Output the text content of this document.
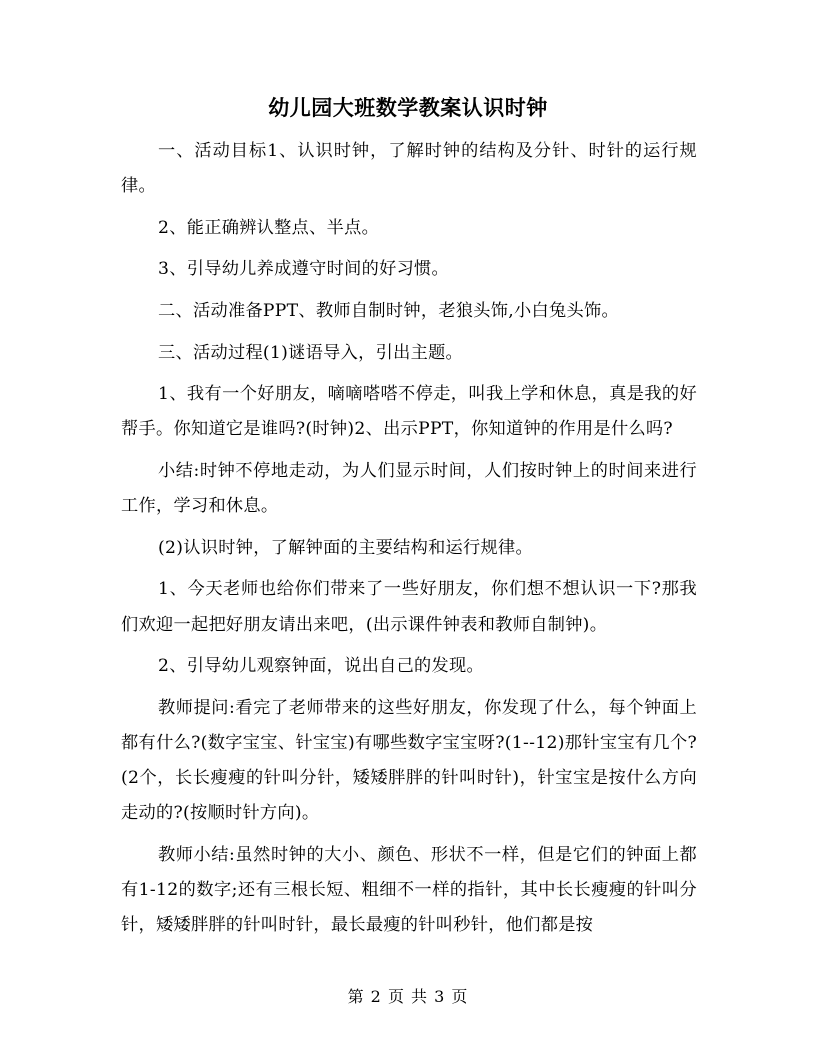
幼儿园大班数学教案认识时钟

一、活动目标1、认识时钟，了解时钟的结构及分针、时针的运行规律。

2、能正确辨认整点、半点。

3、引导幼儿养成遵守时间的好习惯。

二、活动准备PPT、教师自制时钟，老狼头饰,小白兔头饰。

三、活动过程(1)谜语导入，引出主题。

1、我有一个好朋友，嘀嘀嗒嗒不停走，叫我上学和休息，真是我的好帮手。你知道它是谁吗?(时钟)2、出示PPT，你知道钟的作用是什么吗?

小结:时钟不停地走动，为人们显示时间，人们按时钟上的时间来进行工作，学习和休息。

(2)认识时钟，了解钟面的主要结构和运行规律。

1、今天老师也给你们带来了一些好朋友，你们想不想认识一下?那我们欢迎一起把好朋友请出来吧，(出示课件钟表和教师自制钟)。

2、引导幼儿观察钟面，说出自己的发现。

教师提问:看完了老师带来的这些好朋友，你发现了什么，每个钟面上都有什么?(数字宝宝、针宝宝)有哪些数字宝宝呀?(1--12)那针宝宝有几个?(2个，长长瘦瘦的针叫分针，矮矮胖胖的针叫时针)，针宝宝是按什么方向走动的?(按顺时针方向)。

教师小结:虽然时钟的大小、颜色、形状不一样，但是它们的钟面上都有1-12的数字;还有三根长短、粗细不一样的指针，其中长长瘦瘦的针叫分针，矮矮胖胖的针叫时针，最长最瘦的针叫秒针，他们都是按

第 2 页 共 3 页
